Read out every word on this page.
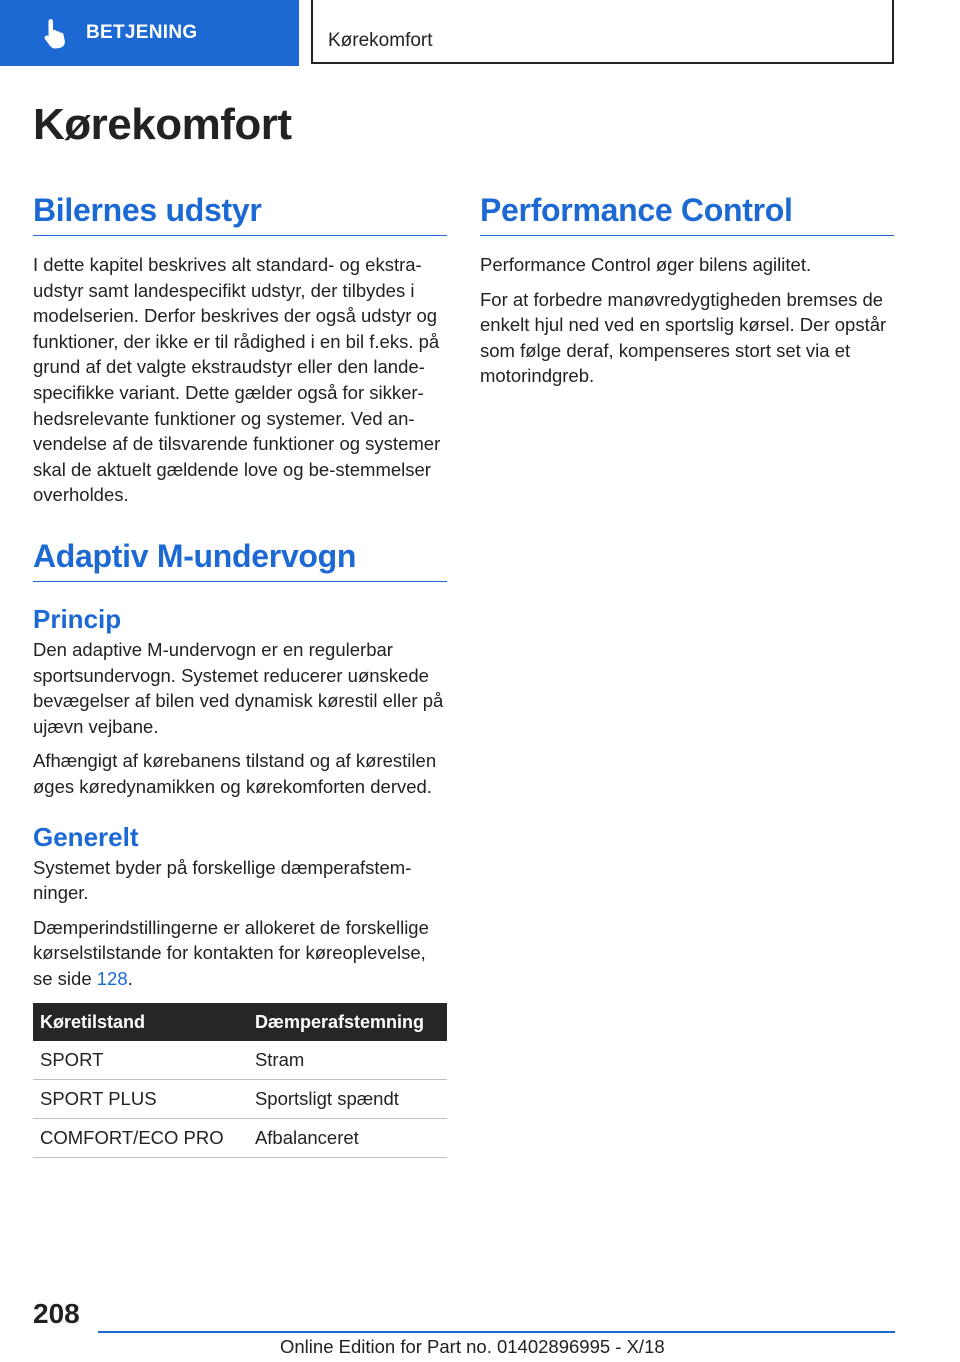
BETJENING	Kørekomfort
Kørekomfort
Bilernes udstyr

I dette kapitel beskrives alt standard- og ekstra-udstyr samt landespecifikt udstyr, der tilbydes i modelserien. Derfor beskrives der også udstyr og funktioner, der ikke er til rådighed i en bil f.eks. på grund af det valgte ekstraudstyr eller den lande-specifikke variant. Dette gælder også for sikker-hedsrelevante funktioner og systemer. Ved an-vendelse af de tilsvarende funktioner og systemer skal de aktuelt gældende love og be-stemmelser overholdes.

Adaptiv M-undervogn
Princip

Den adaptive M-undervogn er en regulerbar sportsundervogn. Systemet reducerer uønskede bevægelser af bilen ved dynamisk kørestil eller på ujævn vejbane.

Afhængigt af kørebanens tilstand og af kørestilen øges køredynamikken og kørekomforten derved.

Generelt

Systemet byder på forskellige dæmperafstem-ninger.

Dæmperindstillingerne er allokeret de forskellige kørselstilstande for kontakten for køreoplevelse, se side 128.

Køretilstand	Dæmperafstemning
SPORT	Stram
SPORT PLUS	Sportsligt spændt
COMFORT/ECO PRO	Afbalanceret
Performance Control

Performance Control øger bilens agilitet.

For at forbedre manøvredygtigheden bremses de enkelt hjul ned ved en sportslig kørsel. Der opstår som følge deraf, kompenseres stort set via et motorindgreb.

208
Online Edition for Part no. 01402896995 - X/18
